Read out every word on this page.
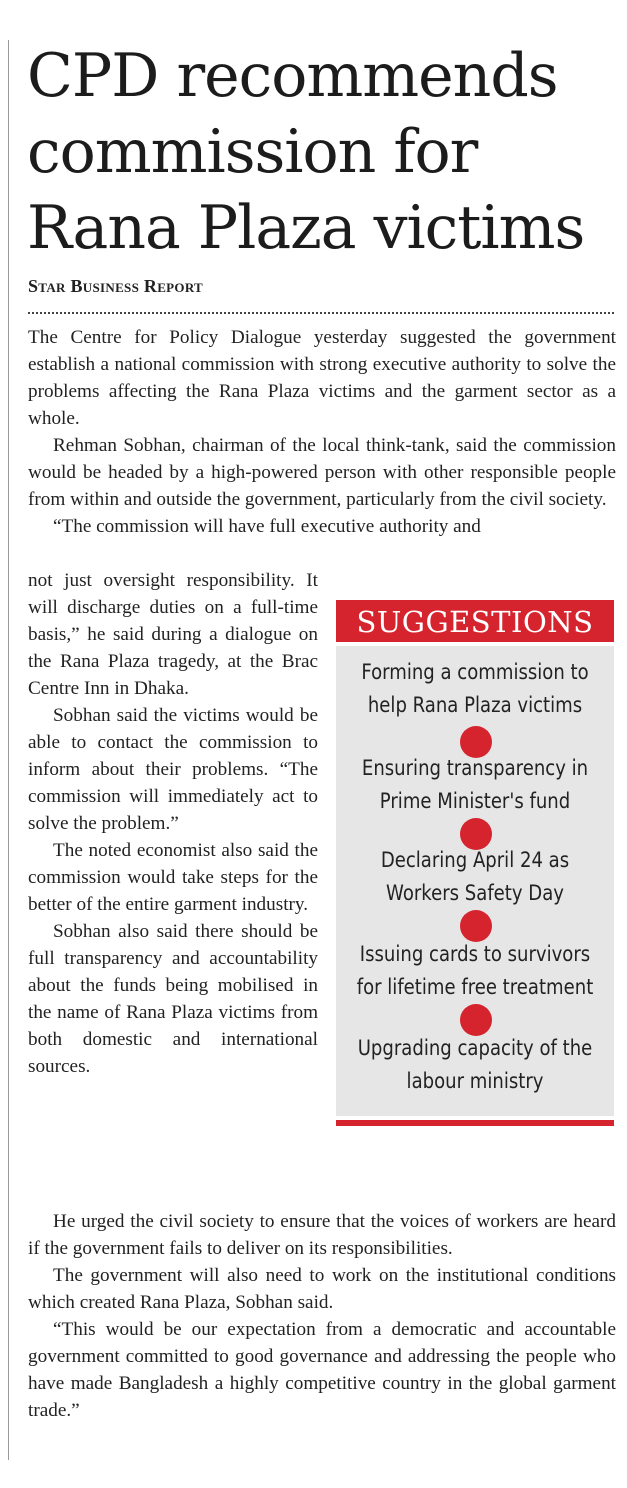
CPD recommends
commission for
Rana Plaza victims

Star Business Report

The Centre for Policy Dialogue yesterday suggested the government establish a national commission with strong executive authority to solve the problems affecting the Rana Plaza victims and the garment sector as a whole.

Rehman Sobhan, chairman of the local think-tank, said the commission would be headed by a high-powered person with other responsible people from within and outside the government, particularly from the civil society.

“The commission will have full executive authority and

not just oversight responsibility. It will discharge duties on a full-time basis,” he said during a dialogue on the Rana Plaza tragedy, at the Brac Centre Inn in Dhaka.

Sobhan said the victims would be able to contact the commission to inform about their problems. “The commission will immediately act to solve the problem.”

The noted economist also said the commission would take steps for the better of the entire garment industry.

Sobhan also said there should be full transparency and accountability about the funds being mobilised in the name of Rana Plaza victims from both domestic and international sources.

SUGGESTIONS
Forming a commission to help Rana Plaza victims
Ensuring transparency in Prime Minister's fund
Declaring April 24 as Workers Safety Day
Issuing cards to survivors for lifetime free treatment
Upgrading capacity of the labour ministry

He urged the civil society to ensure that the voices of workers are heard if the government fails to deliver on its responsibilities.

The government will also need to work on the institutional conditions which created Rana Plaza, Sobhan said.

“This would be our expectation from a democratic and accountable government committed to good governance and addressing the people who have made Bangladesh a highly competitive country in the global garment trade.”
